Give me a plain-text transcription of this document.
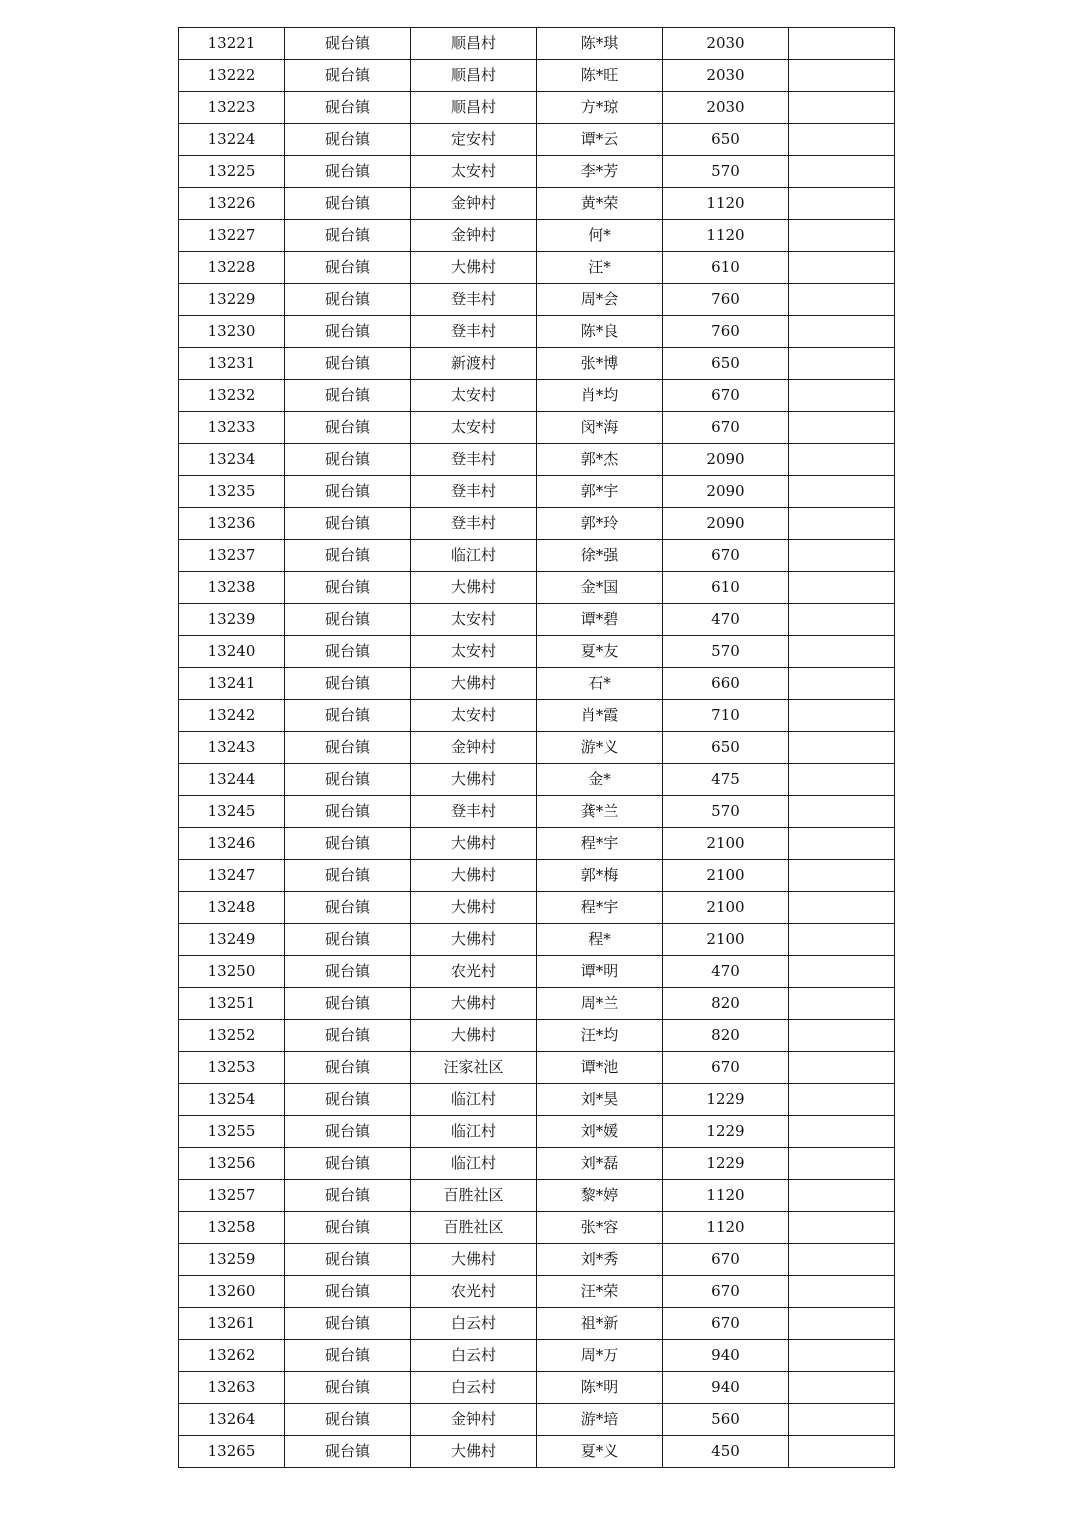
13221	砚台镇	顺昌村	陈*琪	2030	
13222	砚台镇	顺昌村	陈*旺	2030	
13223	砚台镇	顺昌村	方*琼	2030	
13224	砚台镇	定安村	谭*云	650	
13225	砚台镇	太安村	李*芳	570	
13226	砚台镇	金钟村	黄*荣	1120	
13227	砚台镇	金钟村	何*	1120	
13228	砚台镇	大佛村	汪*	610	
13229	砚台镇	登丰村	周*会	760	
13230	砚台镇	登丰村	陈*良	760	
13231	砚台镇	新渡村	张*博	650	
13232	砚台镇	太安村	肖*均	670	
13233	砚台镇	太安村	闵*海	670	
13234	砚台镇	登丰村	郭*杰	2090	
13235	砚台镇	登丰村	郭*宇	2090	
13236	砚台镇	登丰村	郭*玲	2090	
13237	砚台镇	临江村	徐*强	670	
13238	砚台镇	大佛村	金*国	610	
13239	砚台镇	太安村	谭*碧	470	
13240	砚台镇	太安村	夏*友	570	
13241	砚台镇	大佛村	石*	660	
13242	砚台镇	太安村	肖*霞	710	
13243	砚台镇	金钟村	游*义	650	
13244	砚台镇	大佛村	金*	475	
13245	砚台镇	登丰村	龚*兰	570	
13246	砚台镇	大佛村	程*宇	2100	
13247	砚台镇	大佛村	郭*梅	2100	
13248	砚台镇	大佛村	程*宇	2100	
13249	砚台镇	大佛村	程*	2100	
13250	砚台镇	农光村	谭*明	470	
13251	砚台镇	大佛村	周*兰	820	
13252	砚台镇	大佛村	汪*均	820	
13253	砚台镇	汪家社区	谭*池	670	
13254	砚台镇	临江村	刘*昊	1229	
13255	砚台镇	临江村	刘*媛	1229	
13256	砚台镇	临江村	刘*磊	1229	
13257	砚台镇	百胜社区	黎*婷	1120	
13258	砚台镇	百胜社区	张*容	1120	
13259	砚台镇	大佛村	刘*秀	670	
13260	砚台镇	农光村	汪*荣	670	
13261	砚台镇	白云村	祖*新	670	
13262	砚台镇	白云村	周*万	940	
13263	砚台镇	白云村	陈*明	940	
13264	砚台镇	金钟村	游*培	560	
13265	砚台镇	大佛村	夏*义	450	
